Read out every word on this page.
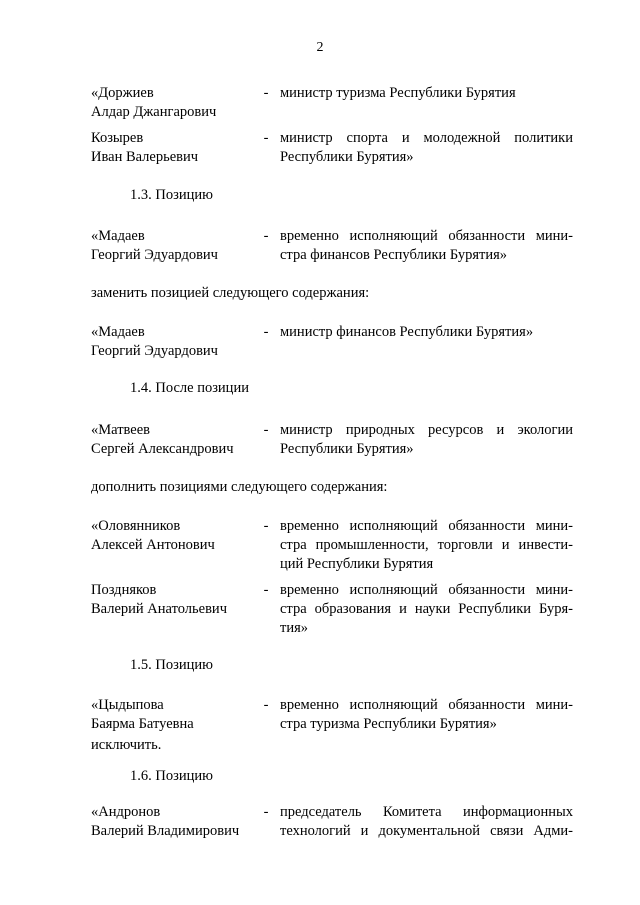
2
«Доржиев
Алдар Джангарович
- министр туризма Республики Бурятия
Козырев
Иван Валерьевич
- министр спорта и молодежной политики
Республики Бурятия»
1.3. Позицию
«Мадаев
Георгий Эдуардович
- временно исполняющий обязанности мини-
стра финансов Республики Бурятия»
заменить позицией следующего содержания:
«Мадаев
Георгий Эдуардович
- министр финансов Республики Бурятия»
1.4. После позиции
«Матвеев
Сергей Александрович
- министр природных ресурсов и экологии
Республики Бурятия»
дополнить позициями следующего содержания:
«Оловянников
Алексей Антонович
- временно исполняющий обязанности мини-
стра промышленности, торговли и инвести-
ций Республики Бурятия
Поздняков
Валерий Анатольевич
- временно исполняющий обязанности мини-
стра образования и науки Республики Буря-
тия»
1.5. Позицию
«Цыдыпова
Баярма Батуевна
- временно исполняющий обязанности мини-
стра туризма Республики Бурятия»
исключить.
1.6. Позицию
«Андронов
Валерий Владимирович
- председатель Комитета информационных
технологий и документальной связи Адми-
